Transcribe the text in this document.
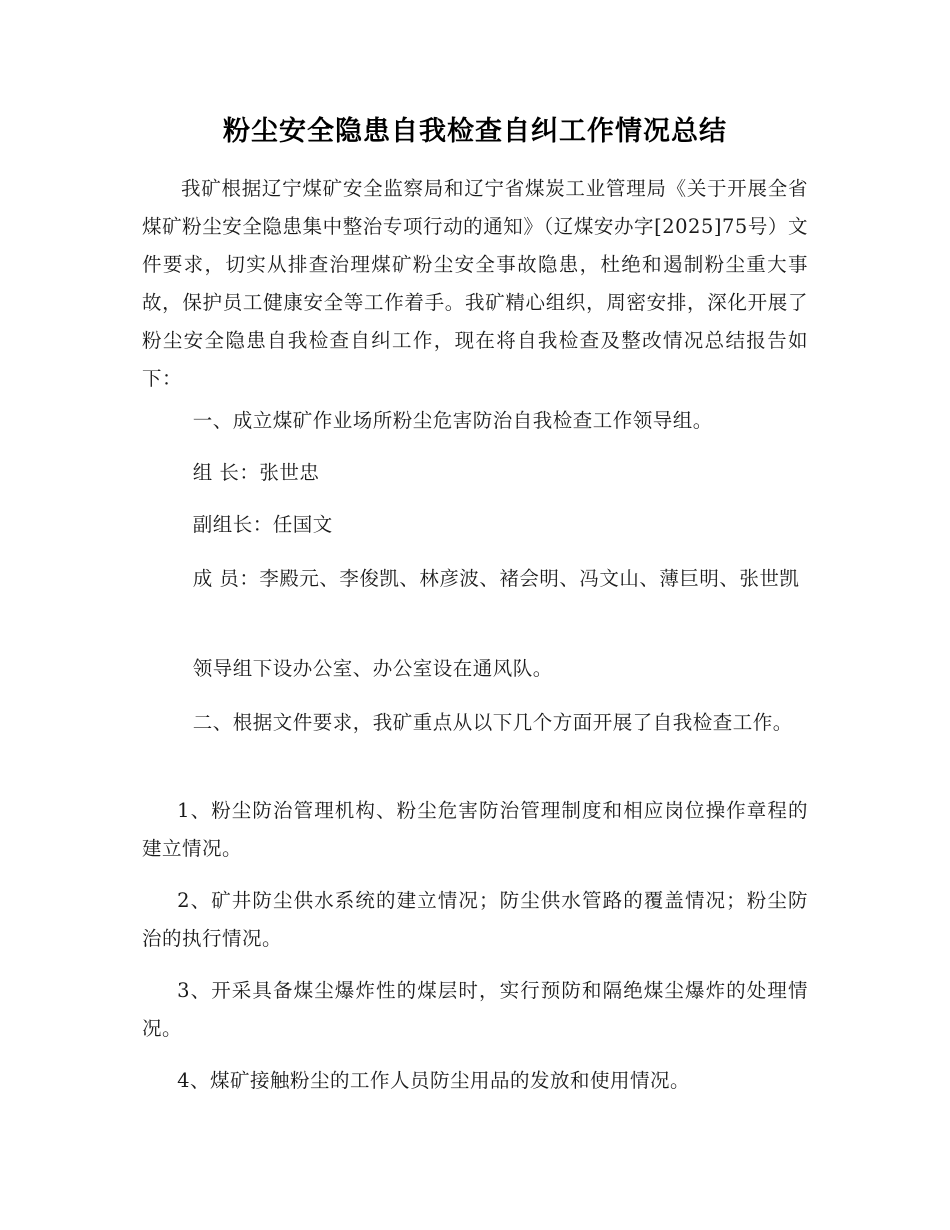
粉尘安全隐患自我检查自纠工作情况总结

我矿根据辽宁煤矿安全监察局和辽宁省煤炭工业管理局《关于开展全省煤矿粉尘安全隐患集中整治专项行动的通知》（辽煤安办字[2025]75号）文件要求，切实从排查治理煤矿粉尘安全事故隐患，杜绝和遏制粉尘重大事故，保护员工健康安全等工作着手。我矿精心组织，周密安排，深化开展了粉尘安全隐患自我检查自纠工作，现在将自我检查及整改情况总结报告如下：

一、成立煤矿作业场所粉尘危害防治自我检查工作领导组。

组 长：张世忠

副组长：任国文

成 员：李殿元、李俊凯、林彦波、褚会明、冯文山、薄巨明、张世凯

领导组下设办公室、办公室设在通风队。

二、根据文件要求，我矿重点从以下几个方面开展了自我检查工作。

1、粉尘防治管理机构、粉尘危害防治管理制度和相应岗位操作章程的建立情况。

2、矿井防尘供水系统的建立情况；防尘供水管路的覆盖情况；粉尘防治的执行情况。

3、开采具备煤尘爆炸性的煤层时，实行预防和隔绝煤尘爆炸的处理情况。

4、煤矿接触粉尘的工作人员防尘用品的发放和使用情况。
